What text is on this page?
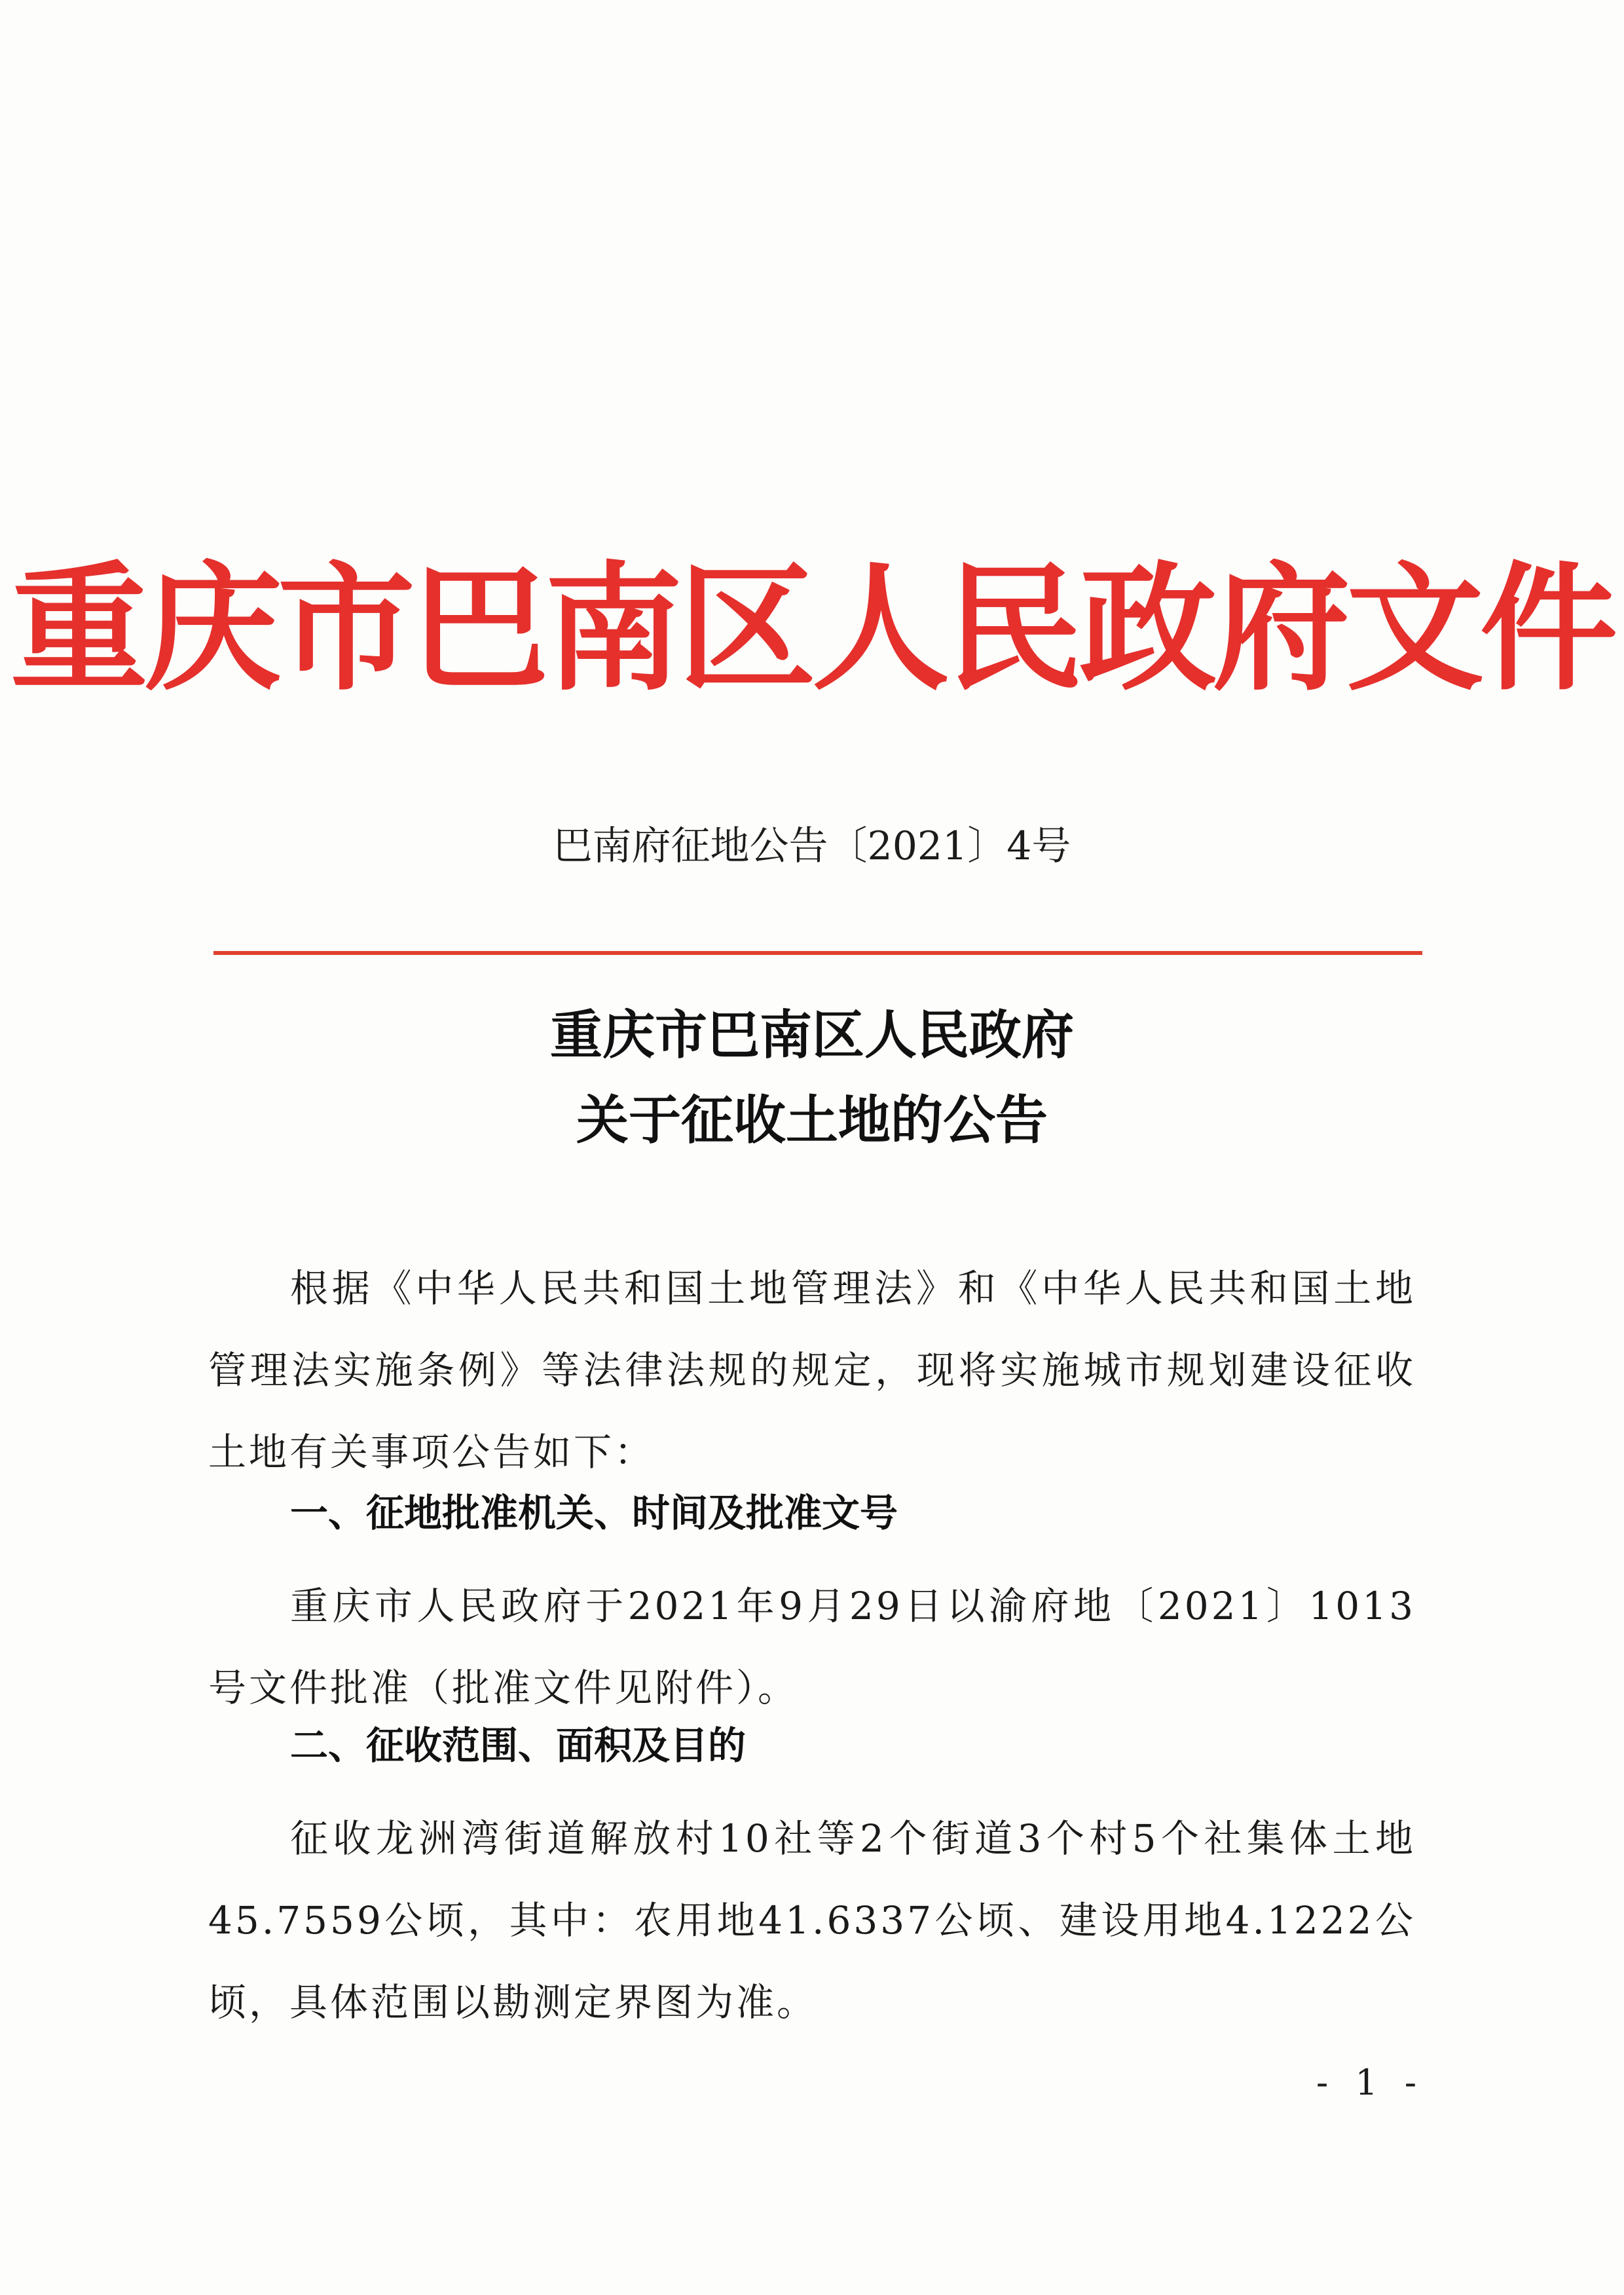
重庆市巴南区人民政府文件
巴南府征地公告〔2021〕4号
重庆市巴南区人民政府
关于征收土地的公告
根据《中华人民共和国土地管理法》和《中华人民共和国土地管理法实施条例》等法律法规的规定，现将实施城市规划建设征收土地有关事项公告如下：
一、征地批准机关、时间及批准文号
重庆市人民政府于2021年9月29日以渝府地〔2021〕1013号文件批准（批准文件见附件）。
二、征收范围、面积及目的
征收龙洲湾街道解放村10社等2个街道3个村5个社集体土地45.7559公顷，其中：农用地41.6337公顷、建设用地4.1222公顷，具体范围以勘测定界图为准。
- 1 -
